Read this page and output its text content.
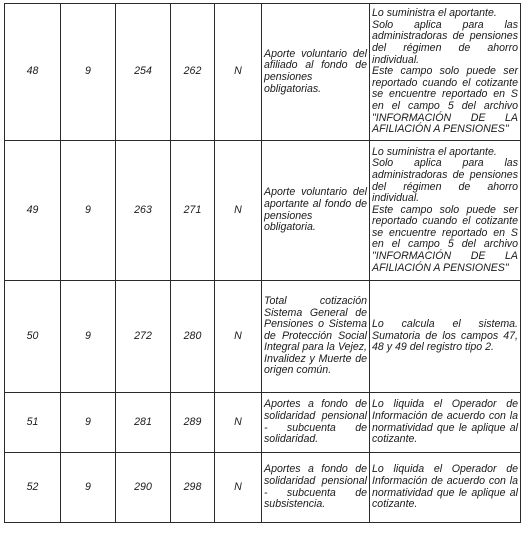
48	9	254	262	N	Aporte voluntario del afiliado al fondo de pensiones obligatorias.	Lo suministra el aportante.

Solo aplica para las administradoras de pensiones del régimen de ahorro individual.

Este campo solo puede ser reportado cuando el cotizante se encuentre reportado en S en el campo 5 del archivo "INFORMACIÓN DE LA AFILIACIÓN A PENSIONES"

49	9	263	271	N	Aporte voluntario del aportante al fondo de pensiones obligatoria.	Lo suministra el aportante.

Solo aplica para las administradoras de pensiones del régimen de ahorro individual.

Este campo solo puede ser reportado cuando el cotizante se encuentre reportado en S en el campo 5 del archivo "INFORMACIÓN DE LA AFILIACIÓN A PENSIONES"

50	9	272	280	N	Total cotización Sistema General de Pensiones o Sistema de Protección Social Integral para la Vejez, Invalidez y Muerte de origen común.	Lo calcula el sistema. Sumatoria de los campos 47, 48 y 49 del registro tipo 2.

51	9	281	289	N	Aportes a fondo de solidaridad pensional - subcuenta de solidaridad.	Lo liquida el Operador de Información de acuerdo con la normatividad que le aplique al cotizante.

52	9	290	298	N	Aportes a fondo de solidaridad pensional - subcuenta de subsistencia.	Lo liquida el Operador de Información de acuerdo con la normatividad que le aplique al cotizante.
